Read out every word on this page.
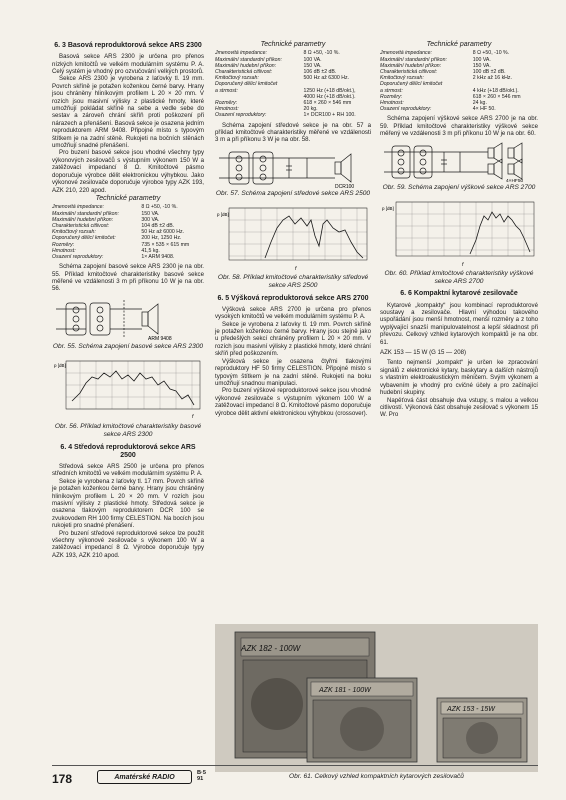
6. 3 Basová reproduktorová sekce ARS 2300

Basová sekce ARS 2300 je určena pro přenos nízkých kmitočtů ve velkém modulárním systému P. A. Celý systém je vhodný pro ozvučování velkých prostorů.

Sekce ARS 2300 je vyrobena z laťovky tl. 19 mm. Povrch skříně je potažen koženkou černé barvy. Hrany jsou chráněny hliníkovým profilem L 20 × 20 mm. V rozích jsou masivní výlisky z plastické hmoty, které umožňují pokládat skříně na sebe a vedle sebe do sestav a zároveň chrání skříň proti poškození při nárazech a přenášení. Basová sekce je osazena jedním reproduktorem ARM 9408. Připojné místo s typovým štítkem je na zadní stěně. Rukojeti na bočních stěnách umožňují snadné přenášení.

Pro buzení basové sekce jsou vhodné všechny typy výkonových zesilovačů s výstupním výkonem 150 W a zatěžovací impedancí 8 Ω. Kmitočtové pásmo doporučuje výrobce dělit elektronickou výhybkou. Jako výkonové zesilovače doporučuje výrobce typy AZK 193, AZK 210, 220 apod.

Technické parametry
Jmenovitá impedance:	8 Ω +50, -10 %.
Maximální standardní příkon:	150 VA.
Maximální hudební příkon:	300 VA.
Charakteristická citlivost:	104 dB ±2 dB.
Kmitočtový rozsah:	50 Hz až 6000 Hz.
Doporučený dělicí kmitočet:	200 Hz, 1250 Hz.
Rozměry:	735 × 535 × 615 mm
Hmotnost:	41,5 kg.
Osazení reproduktory:	1× ARM 9408.

Schéma zapojení basové sekce ARS 2300 je na obr. 55. Příklad kmitočtové charakteristiky basové sekce měřené ve vzdálenosti 3 m při příkonu 10 W je na obr. 56.

ARM 9408
Obr. 55. Schéma zapojení basové sekce ARS 2300
p [dB]
f
Obr. 56. Příklad kmitočtové charakteristiky basové sekce ARS 2300
6. 4 Středová reproduktorová sekce ARS 2500

Středová sekce ARS 2500 je určena pro přenos středních kmitočtů ve velkém modulárním systému P. A.

Sekce je vyrobena z laťovky tl. 17 mm. Povrch skříně je potažen koženkou černé barvy. Hrany jsou chráněny hliníkovým profilem L 20 × 20 mm. V rozích jsou masivní výlisky z plastické hmoty. Středová sekce je osazena tlakovým reproduktorem DCR 100 se zvukovodem RH 100 firmy CELESTION. Na bocích jsou rukojeti pro snadné přenášení.

Pro buzení středové reproduktorové sekce lze použít všechny výkonové zesilovače s výkonem 100 W a zatěžovací impedancí 8 Ω. Výrobce doporučuje typy AZK 193, AZK 210 apod.

Technické parametry
Jmenovitá impedance:	8 Ω +50, -10 %.
Maximální standardní příkon:	100 VA.
Maximální hudební příkon:	150 VA.
Charakteristická citlivost:	106 dB ±2 dB.
Kmitočtový rozsah:	500 Hz až 6300 Hz.
Doporučený dělicí kmitočet	
a strmost:	1250 Hz (+18 dB/okt.),
4000 Hz (+18 dB/okt.).
Rozměry:	618 × 260 × 546 mm
Hmotnost:	20 kg.
Osazení reproduktory:	1× DCR100 + RH 100.

Schéma zapojení středové sekce je na obr. 57 a příklad kmitočtové charakteristiky měřené ve vzdálenosti 3 m a při příkonu 3 W je na obr. 58.

DCR100
Obr. 57. Schéma zapojení středové sekce ARS 2500
p [dB]
f
Obr. 58. Příklad kmitočtové charakteristiky středové sekce ARS 2500
6. 5 Výšková reproduktorová sekce ARS 2700

Výšková sekce ARS 2700 je určena pro přenos vysokých kmitočtů ve velkém modulárním systému P. A.

Sekce je vyrobena z laťovky tl. 19 mm. Povrch skříně je potažen koženkou černé barvy. Hrany jsou stejně jako u předešlých sekcí chráněny profilem L 20 × 20 mm. V rozích jsou masivní výlisky z plastické hmoty, které chrání skříň před poškozením.

Výšková sekce je osazena čtyřmi tlakovými reproduktory HF 50 firmy CELESTION. Připojné místo s typovým štítkem je na zadní stěně. Rukojeti na boku umožňují snadnou manipulaci.

Pro buzení výškové reproduktorové sekce jsou vhodné výkonové zesilovače s výstupním výkonem 100 W a zatěžovací impedancí 8 Ω. Kmitočtové pásmo doporučuje výrobce dělit aktivní elektronickou výhybkou (crossover).

Technické parametry
Jmenovitá impedance:	8 Ω +50, -10 %.
Maximální standardní příkon:	100 VA.
Maximální hudební příkon:	150 VA.
Charakteristická citlivost:	100 dB ±2 dB.
Kmitočtový rozsah:	2 kHz až 16 kHz.
Doporučený dělicí kmitočet	
a strmost:	4 kHz (+18 dB/okt.).
Rozměry:	618 × 260 × 546 mm
Hmotnost:	24 kg.
Osazení reproduktory:	4× HF 50.

Schéma zapojení výškové sekce ARS 2700 je na obr. 59. Příklad kmitočtové charakteristiky výškové sekce měřený ve vzdálenosti 3 m při příkonu 10 W je na obr. 60.

4×HF50
Obr. 59. Schéma zapojení výškové sekce ARS 2700
p [dB]
f
Obr. 60. Příklad kmitočtové charakteristiky výškové sekce ARS 2700
6. 6 Kompaktní kytarové zesilovače

Kytarové „kompakty“ jsou kombinací reproduktorové soustavy a zesilovače. Hlavní výhodou takového uspořádání jsou menší hmotnost, menší rozměry a z toho vyplývající snazší manipulovatelnost a lepší skladnost při převozu. Celkový vzhled kytarových kompaktů je na obr. 61.

AZK 153 — 15 W (G 15 — 208)

Tento nejmenší „kompakt“ je určen ke zpracování signálů z elektronické kytary, baskytary a dalších nástrojů s vlastním elektroakustickým měničem. Svým výkonem a vybavením je vhodný pro cvičné účely a pro začínající hudební skupiny.

Napěťová část obsahuje dva vstupy, s malou a velkou citlivostí. Výkonová část obsahuje zesilovač s výkonem 15 W. Pro

AZK 182 - 100W
AZK 181 - 100W
AZK 153 - 15W
Obr. 61. Celkový vzhled kompaktních kytarových zesilovačů
178	Amatérské RADIO
B·5
91
